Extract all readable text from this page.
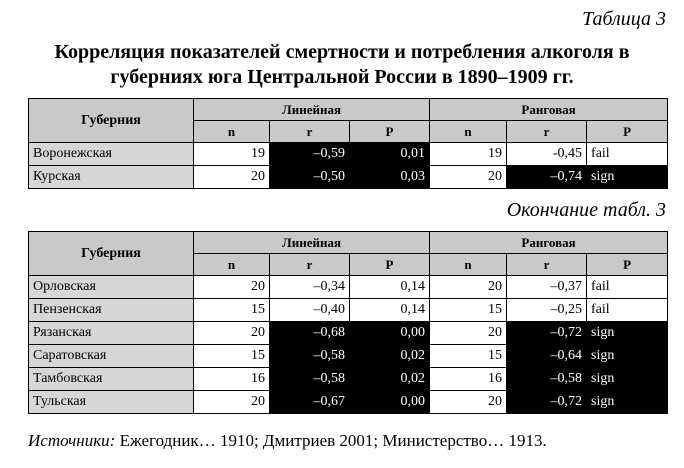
Таблица 3
Корреляция показателей смертности и потребления алкоголя в
губерниях юга Центральной России в 1890–1909 гг.
Губерния	Линейная			Ранговая		
	n	r	P	n	r	P
Воронежская	19	–0,59	0,01	19	-0,45	fail
Курская	20	–0,50	0,03	20	–0,74	sign
Окончание табл. 3
Губерния	Линейная			Ранговая		
	n	r	P	n	r	P
Орловская	20	–0,34	0,14	20	–0,37	fail
Пензенская	15	–0,40	0,14	15	–0,25	fail
Рязанская	20	–0,68	0,00	20	–0,72	sign
Саратовская	15	–0,58	0,02	15	–0,64	sign
Тамбовская	16	–0,58	0,02	16	–0,58	sign
Тульская	20	–0,67	0,00	20	–0,72	sign
Источники: Ежегодник… 1910; Дмитриев 2001; Министерство… 1913.
